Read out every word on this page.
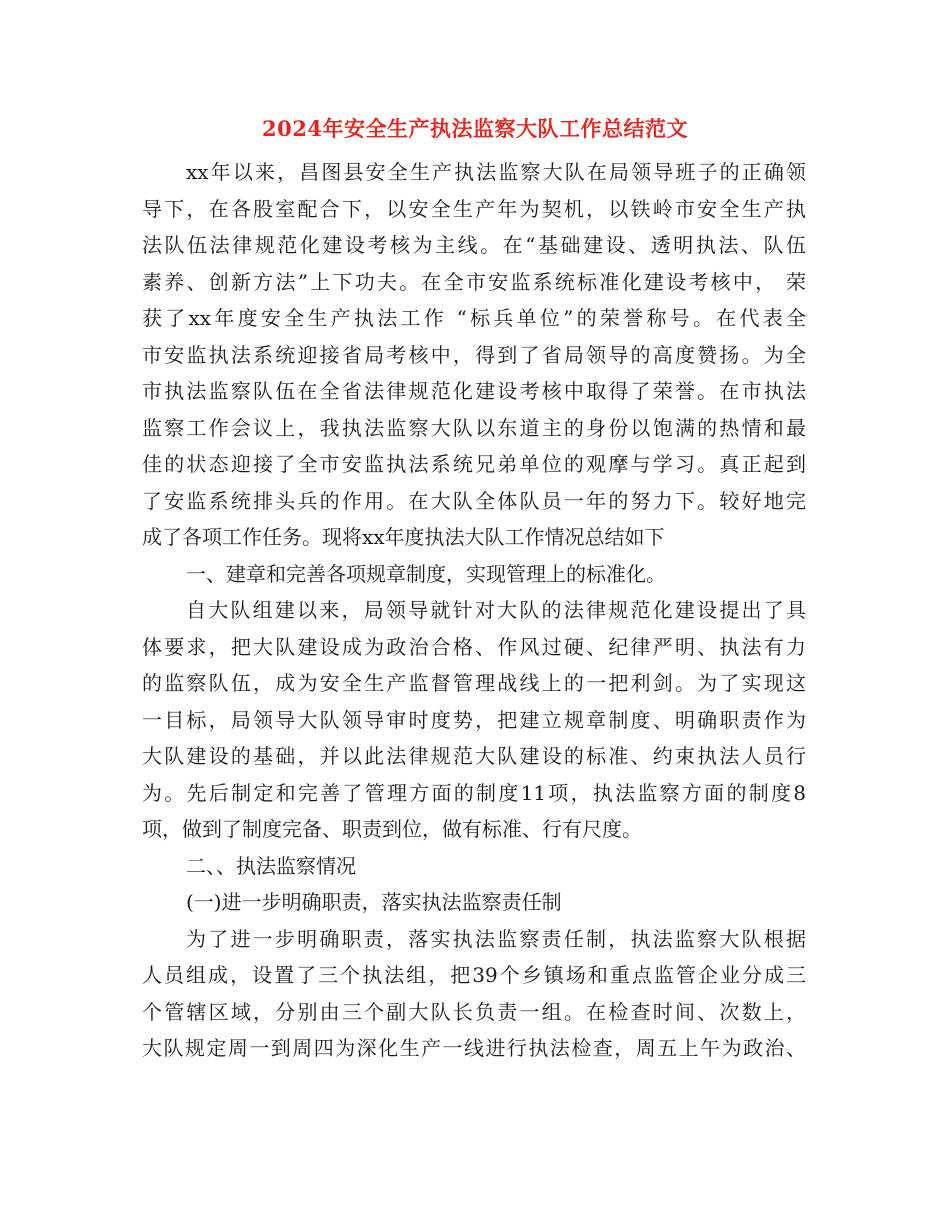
2024年安全生产执法监察大队工作总结范文
xx年以来，昌图县安全生产执法监察大队在局领导班子的正确领
导下，在各股室配合下，以安全生产年为契机，以铁岭市安全生产执
法队伍法律规范化建设考核为主线。在“基础建设、透明执法、队伍
素养、创新方法”上下功夫。在全市安监系统标准化建设考核中， 荣
获了xx年度安全生产执法工作 “标兵单位”的荣誉称号。在代表全
市安监执法系统迎接省局考核中，得到了省局领导的高度赞扬。为全
市执法监察队伍在全省法律规范化建设考核中取得了荣誉。在市执法
监察工作会议上，我执法监察大队以东道主的身份以饱满的热情和最
佳的状态迎接了全市安监执法系统兄弟单位的观摩与学习。真正起到
了安监系统排头兵的作用。在大队全体队员一年的努力下。较好地完
成了各项工作任务。现将xx年度执法大队工作情况总结如下
一、建章和完善各项规章制度，实现管理上的标准化。
自大队组建以来，局领导就针对大队的法律规范化建设提出了具
体要求，把大队建设成为政治合格、作风过硬、纪律严明、执法有力
的监察队伍，成为安全生产监督管理战线上的一把利剑。为了实现这
一目标，局领导大队领导审时度势，把建立规章制度、明确职责作为
大队建设的基础，并以此法律规范大队建设的标准、约束执法人员行
为。先后制定和完善了管理方面的制度11项，执法监察方面的制度8
项，做到了制度完备、职责到位，做有标准、行有尺度。
二、、执法监察情况
(一)进一步明确职责，落实执法监察责任制
为了进一步明确职责，落实执法监察责任制，执法监察大队根据
人员组成，设置了三个执法组，把39个乡镇场和重点监管企业分成三
个管辖区域，分别由三个副大队长负责一组。在检查时间、次数上，
大队规定周一到周四为深化生产一线进行执法检查，周五上午为政治、
